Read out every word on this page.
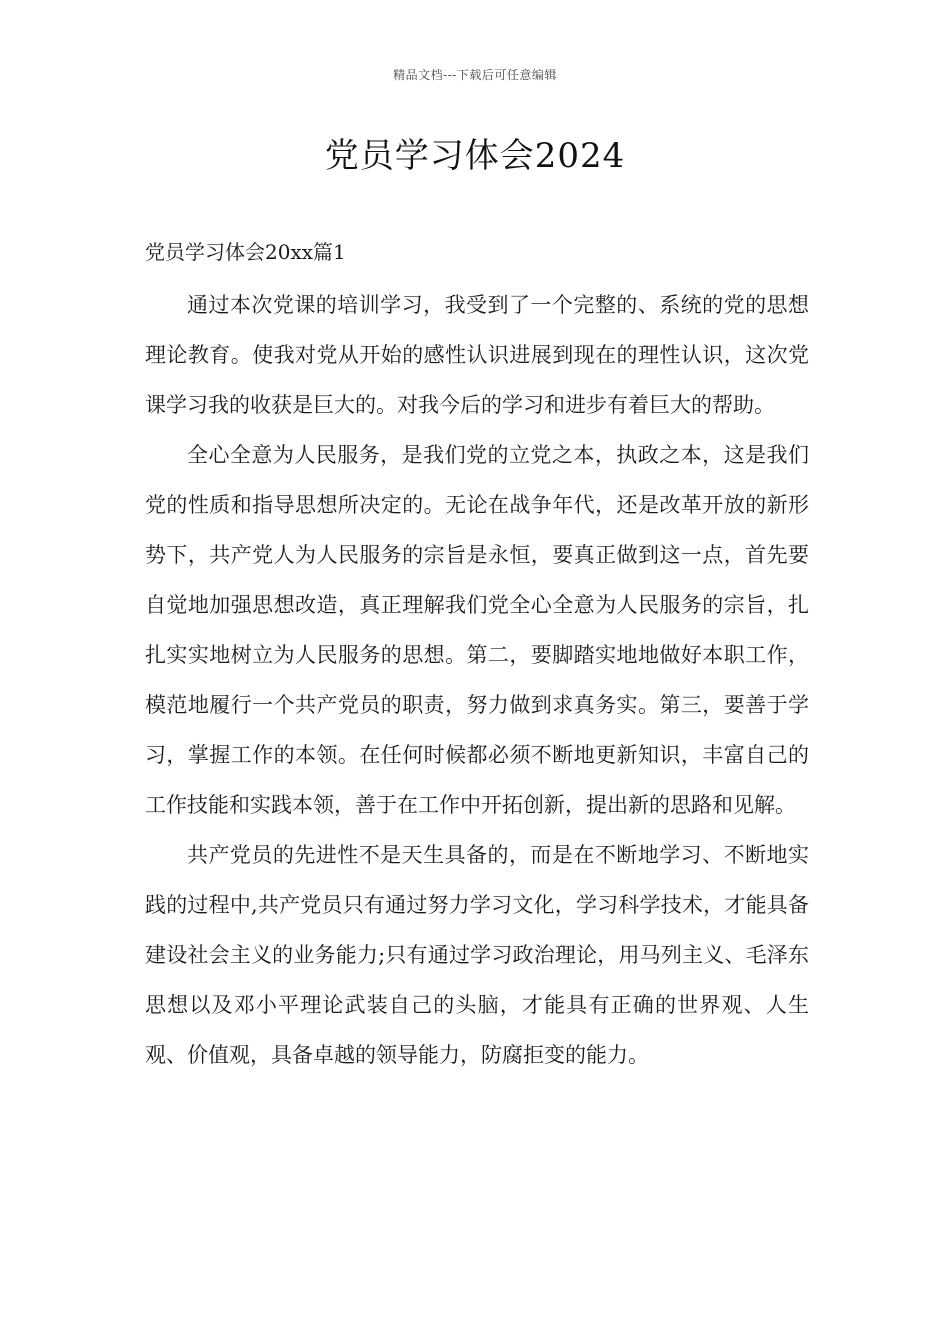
精品文档---下载后可任意编辑
党员学习体会2024
党员学习体会20xx篇1

通过本次党课的培训学习，我受到了一个完整的、系统的党的思想理论教育。使我对党从开始的感性认识进展到现在的理性认识，这次党课学习我的收获是巨大的。对我今后的学习和进步有着巨大的帮助。

全心全意为人民服务，是我们党的立党之本，执政之本，这是我们党的性质和指导思想所决定的。无论在战争年代，还是改革开放的新形势下，共产党人为人民服务的宗旨是永恒，要真正做到这一点，首先要自觉地加强思想改造，真正理解我们党全心全意为人民服务的宗旨，扎扎实实地树立为人民服务的思想。第二，要脚踏实地地做好本职工作，模范地履行一个共产党员的职责，努力做到求真务实。第三，要善于学习，掌握工作的本领。在任何时候都必须不断地更新知识，丰富自己的工作技能和实践本领，善于在工作中开拓创新，提出新的思路和见解。

共产党员的先进性不是天生具备的，而是在不断地学习、不断地实践的过程中,共产党员只有通过努力学习文化，学习科学技术，才能具备建设社会主义的业务能力;只有通过学习政治理论，用马列主义、毛泽东思想以及邓小平理论武装自己的头脑，才能具有正确的世界观、人生观、价值观，具备卓越的领导能力，防腐拒变的能力。
